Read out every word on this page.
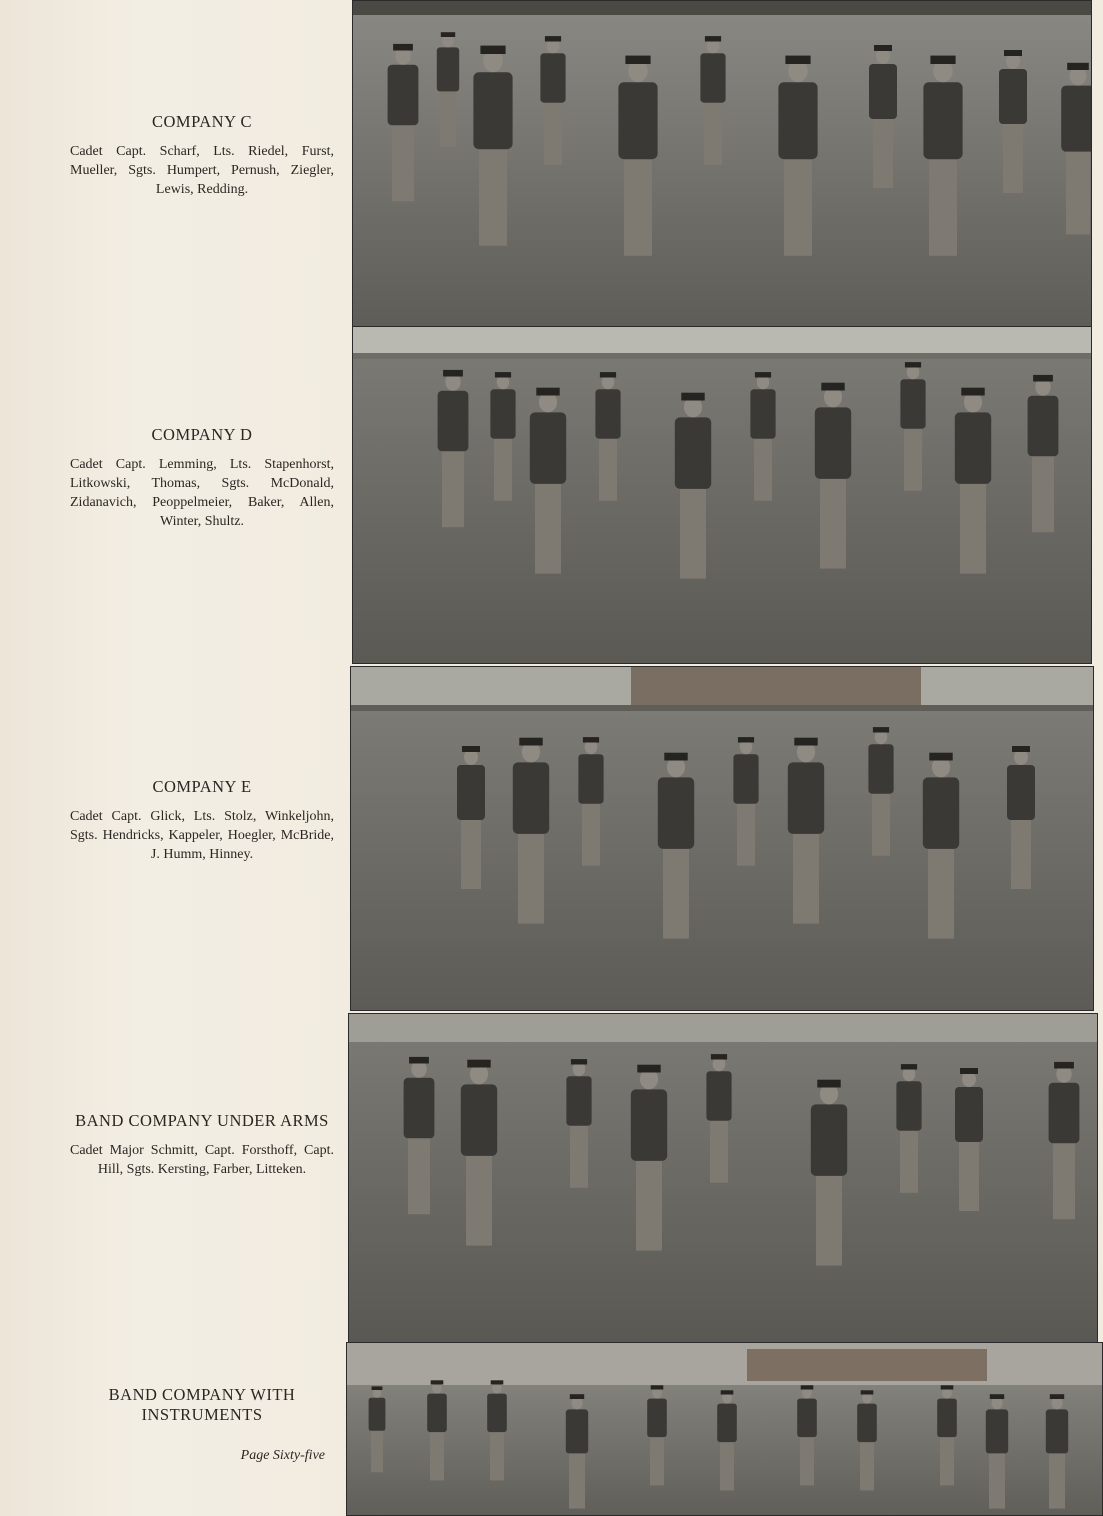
COMPANY C
Cadet Capt. Scharf, Lts. Riedel, Furst, Mueller, Sgts. Humpert, Pernush, Ziegler, Lewis, Redding.
COMPANY D
Cadet Capt. Lemming, Lts. Stapenhorst, Litkowski, Thomas, Sgts. McDonald, Zidanavich, Peoppelmeier, Baker, Allen, Winter, Shultz.
COMPANY E
Cadet Capt. Glick, Lts. Stolz, Winkeljohn, Sgts. Hendricks, Kappeler, Hoegler, McBride, J. Humm, Hinney.
BAND COMPANY UNDER ARMS
Cadet Major Schmitt, Capt. Forsthoff, Capt. Hill, Sgts. Kersting, Farber, Litteken.
BAND COMPANY WITH INSTRUMENTS
Page Sixty-five
